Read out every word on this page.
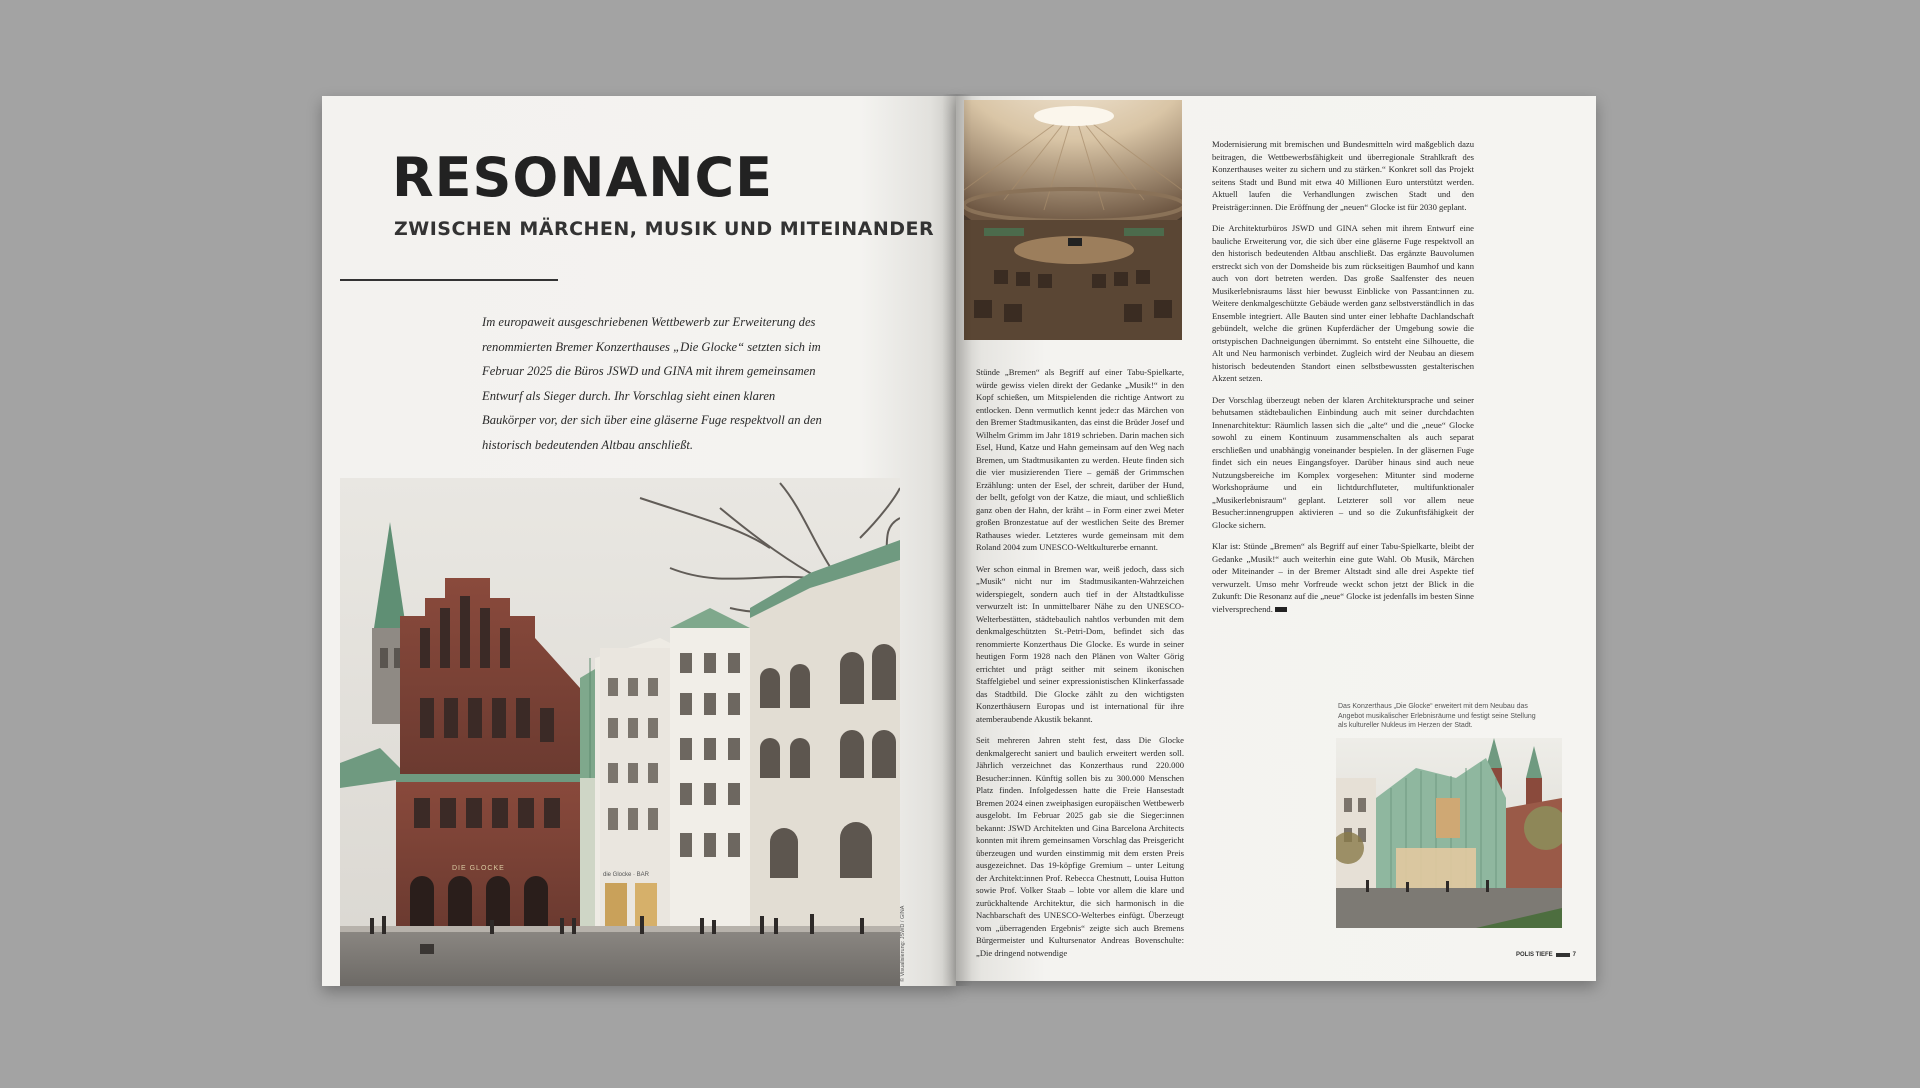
RESONANCE
ZWISCHEN MÄRCHEN, MUSIK UND MITEINANDER

Im europaweit ausgeschriebenen Wettbewerb zur Erweiterung des renommierten Bremer Konzerthauses „Die Glocke“ setzten sich im Februar 2025 die Büros JSWD und GINA mit ihrem gemeinsamen Entwurf als Sieger durch. Ihr Vorschlag sieht einen klaren Baukörper vor, der sich über eine gläserne Fuge respektvoll an den historisch bedeutenden Altbau anschließt.

DIE GLOCKE
die Glocke · BAR
© Visualisierung: JSWD / GINA

Stünde „Bremen“ als Begriff auf einer Tabu-Spielkarte, würde gewiss vielen direkt der Gedanke „Musik!“ in den Kopf schießen, um Mitspielenden die richtige Antwort zu entlocken. Denn vermutlich kennt jede:r das Märchen von den Bremer Stadtmusikanten, das einst die Brüder Josef und Wilhelm Grimm im Jahr 1819 schrieben. Darin machen sich Esel, Hund, Katze und Hahn gemeinsam auf den Weg nach Bremen, um Stadtmusikanten zu werden. Heute finden sich die vier musizierenden Tiere – gemäß der Grimmschen Erzählung: unten der Esel, der schreit, darüber der Hund, der bellt, gefolgt von der Katze, die miaut, und schließlich ganz oben der Hahn, der kräht – in Form einer zwei Meter großen Bronzestatue auf der westlichen Seite des Bremer Rathauses wieder. Letzteres wurde gemeinsam mit dem Roland 2004 zum UNESCO-Weltkulturerbe ernannt.

Wer schon einmal in Bremen war, weiß jedoch, dass sich „Musik“ nicht nur im Stadtmusikanten-Wahrzeichen widerspiegelt, sondern auch tief in der Altstadtkulisse verwurzelt ist: In unmittelbarer Nähe zu den UNESCO-Welterbestätten, städtebaulich nahtlos verbunden mit dem denkmalgeschützten St.-Petri-Dom, befindet sich das renommierte Konzerthaus Die Glocke. Es wurde in seiner heutigen Form 1928 nach den Plänen von Walter Görig errichtet und prägt seither mit seinem ikonischen Staffelgiebel und seiner expressionistischen Klinkerfassade das Stadtbild. Die Glocke zählt zu den wichtigsten Konzerthäusern Europas und ist international für ihre atemberaubende Akustik bekannt.

Seit mehreren Jahren steht fest, dass Die Glocke denkmalgerecht saniert und baulich erweitert werden soll. Jährlich verzeichnet das Konzerthaus rund 220.000 Besucher:innen. Künftig sollen bis zu 300.000 Menschen Platz finden. Infolgedessen hatte die Freie Hansestadt Bremen 2024 einen zweiphasigen europäischen Wettbewerb ausgelobt. Im Februar 2025 gab sie die Sieger:innen bekannt: JSWD Architekten und Gina Barcelona Architects konnten mit ihrem gemeinsamen Vorschlag das Preisgericht überzeugen und wurden einstimmig mit dem ersten Preis ausgezeichnet. Das 19-köpfige Gremium – unter Leitung der Architekt:innen Prof. Rebecca Chestnutt, Louisa Hutton sowie Prof. Volker Staab – lobte vor allem die klare und zurückhaltende Architektur, die sich harmonisch in die Nachbarschaft des UNESCO-Welterbes einfügt. Überzeugt vom „überragenden Ergebnis“ zeigte sich auch Bremens Bürgermeister und Kultursenator Andreas Bovenschulte: „Die dringend notwendige

Modernisierung mit bremischen und Bundesmitteln wird maßgeblich dazu beitragen, die Wettbewerbsfähigkeit und überregionale Strahlkraft des Konzerthauses weiter zu sichern und zu stärken.“ Konkret soll das Projekt seitens Stadt und Bund mit etwa 40 Millionen Euro unterstützt werden. Aktuell laufen die Verhandlungen zwischen Stadt und den Preisträger:innen. Die Eröffnung der „neuen“ Glocke ist für 2030 geplant.

Die Architekturbüros JSWD und GINA sehen mit ihrem Entwurf eine bauliche Erweiterung vor, die sich über eine gläserne Fuge respektvoll an den historisch bedeutenden Altbau anschließt. Das ergänzte Bauvolumen erstreckt sich von der Domsheide bis zum rückseitigen Baumhof und kann auch von dort betreten werden. Das große Saalfenster des neuen Musikerlebnisraums lässt hier bewusst Einblicke von Passant:innen zu. Weitere denkmalgeschützte Gebäude werden ganz selbstverständlich in das Ensemble integriert. Alle Bauten sind unter einer lebhafte Dachlandschaft gebündelt, welche die grünen Kupferdächer der Umgebung sowie die ortstypischen Dachneigungen übernimmt. So entsteht eine Silhouette, die Alt und Neu harmonisch verbindet. Zugleich wird der Neubau an diesem historisch bedeutenden Standort einen selbstbewussten gestalterischen Akzent setzen.

Der Vorschlag überzeugt neben der klaren Architektursprache und seiner behutsamen städtebaulichen Einbindung auch mit seiner durchdachten Innenarchitektur: Räumlich lassen sich die „alte“ und die „neue“ Glocke sowohl zu einem Kontinuum zusammenschalten als auch separat erschließen und unabhängig voneinander bespielen. In der gläsernen Fuge findet sich ein neues Eingangsfoyer. Darüber hinaus sind auch neue Nutzungsbereiche im Komplex vorgesehen: Mitunter sind moderne Workshopräume und ein lichtdurchfluteter, multifunktionaler „Musikerlebnisraum“ geplant. Letzterer soll vor allem neue Besucher:innengruppen aktivieren – und so die Zukunftsfähigkeit der Glocke sichern.

Klar ist: Stünde „Bremen“ als Begriff auf einer Tabu-Spielkarte, bleibt der Gedanke „Musik!“ auch weiterhin eine gute Wahl. Ob Musik, Märchen oder Miteinander – in der Bremer Altstadt sind alle drei Aspekte tief verwurzelt. Umso mehr Vorfreude weckt schon jetzt der Blick in die Zukunft: Die Resonanz auf die „neue“ Glocke ist jedenfalls im besten Sinne vielversprechend.

Das Konzerthaus „Die Glocke“ erweitert mit dem Neubau das Angebot musikalischer Erlebnisräume und festigt seine Stellung als kultureller Nukleus im Herzen der Stadt.

POLIS TIEFE	7
